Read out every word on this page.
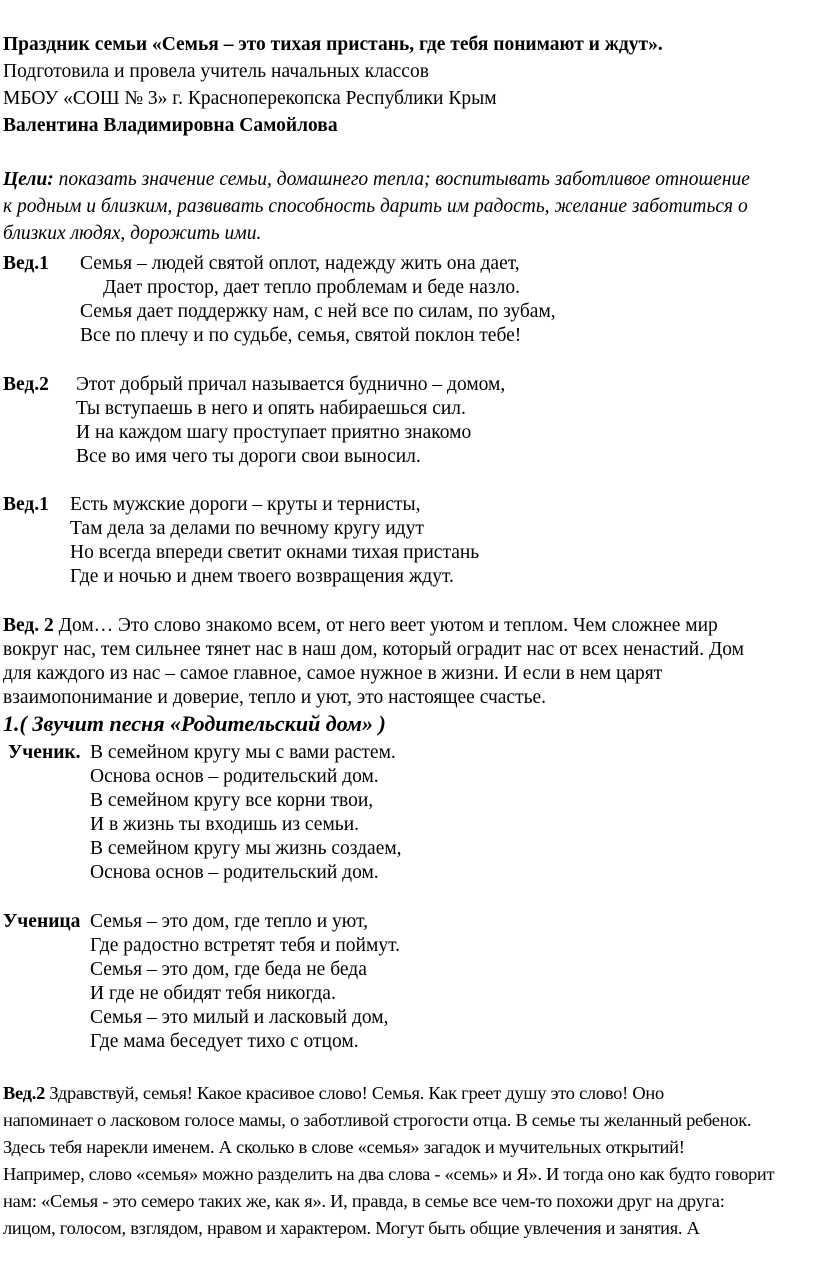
Праздник семьи «Семья – это тихая пристань, где тебя понимают и ждут».
Подготовила и провела учитель начальных классов
МБОУ «СОШ № 3» г. Красноперекопска Республики Крым
Валентина Владимировна Самойлова
Цели: показать значение семьи, домашнего тепла; воспитывать заботливое отношение
к родным и близким, развивать способность дарить им радость, желание заботиться о
близких людях, дорожить ими.
Вед.1 Семья – людей святой оплот, надежду жить она дает,
Дает простор, дает тепло проблемам и беде назло.
Семья дает поддержку нам, с ней все по силам, по зубам,
Все по плечу и по судьбе, семья, святой поклон тебе!
Вед.2 Этот добрый причал называется буднично – домом,
Ты вступаешь в него и опять набираешься сил.
И на каждом шагу проступает приятно знакомо
Все во имя чего ты дороги свои выносил.
Вед.1 Есть мужские дороги – круты и тернисты,
Там дела за делами по вечному кругу идут
Но всегда впереди светит окнами тихая пристань
Где и ночью и днем твоего возвращения ждут.
Вед. 2 Дом… Это слово знакомо всем, от него веет уютом и теплом. Чем сложнее мир
вокруг нас, тем сильнее тянет нас в наш дом, который оградит нас от всех ненастий. Дом
для каждого из нас – самое главное, самое нужное в жизни. И если в нем царят
взаимопонимание и доверие, тепло и уют, это настоящее счастье.
1.( Звучит песня «Родительский дом» )
Ученик. В семейном кругу мы с вами растем.
Основа основ – родительский дом.
В семейном кругу все корни твои,
И в жизнь ты входишь из семьи.
В семейном кругу мы жизнь создаем,
Основа основ – родительский дом.
Ученица Семья – это дом, где тепло и уют,
Где радостно встретят тебя и поймут.
Семья – это дом, где беда не беда
И где не обидят тебя никогда.
Семья – это милый и ласковый дом,
Где мама беседует тихо с отцом.
Вед.2 Здравствуй, семья! Какое красивое слово! Семья. Как греет душу это слово! Оно
напоминает о ласковом голосе мамы, о заботливой строгости отца. В семье ты желанный ребенок.
Здесь тебя нарекли именем. А сколько в слове «семья» загадок и мучительных открытий!
Например, слово «семья» можно разделить на два слова - «семь» и Я». И тогда оно как будто говорит
нам: «Семья - это семеро таких же, как я». И, правда, в семье все чем-то похожи друг на друга:
лицом, голосом, взглядом, нравом и характером. Могут быть общие увлечения и занятия. А
